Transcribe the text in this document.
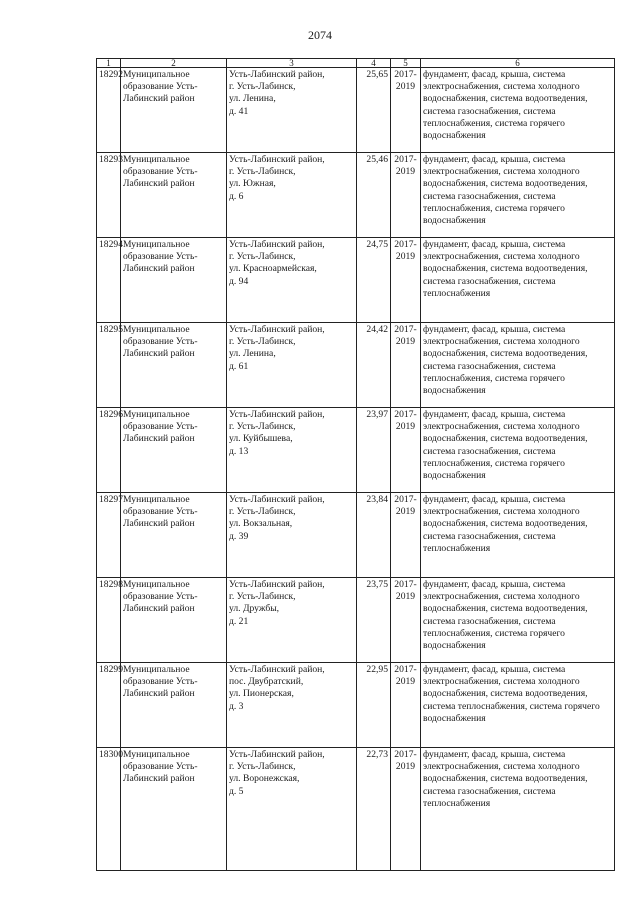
2074
1	2	3	4	5	6
18292	Муниципальное образование Усть-Лабинский район	Усть-Лабинский район,
г. Усть-Лабинск,
ул. Ленина,
д. 41	25,65	2017-2019	фундамент, фасад, крыша, система электроснабжения, система холодного водоснабжения, система водоотведения, система газоснабжения, система теплоснабжения, система горячего водоснабжения
18293	Муниципальное образование Усть-Лабинский район	Усть-Лабинский район,
г. Усть-Лабинск,
ул. Южная,
д. 6	25,46	2017-2019	фундамент, фасад, крыша, система электроснабжения, система холодного водоснабжения, система водоотведения, система газоснабжения, система теплоснабжения, система горячего водоснабжения
18294	Муниципальное образование Усть-Лабинский район	Усть-Лабинский район,
г. Усть-Лабинск,
ул. Красноармейская,
д. 94	24,75	2017-2019	фундамент, фасад, крыша, система электроснабжения, система холодного водоснабжения, система водоотведения, система газоснабжения, система теплоснабжения
18295	Муниципальное образование Усть-Лабинский район	Усть-Лабинский район,
г. Усть-Лабинск,
ул. Ленина,
д. 61	24,42	2017-2019	фундамент, фасад, крыша, система электроснабжения, система холодного водоснабжения, система водоотведения, система газоснабжения, система теплоснабжения, система горячего водоснабжения
18296	Муниципальное образование Усть-Лабинский район	Усть-Лабинский район,
г. Усть-Лабинск,
ул. Куйбышева,
д. 13	23,97	2017-2019	фундамент, фасад, крыша, система электроснабжения, система холодного водоснабжения, система водоотведения, система газоснабжения, система теплоснабжения, система горячего водоснабжения
18297	Муниципальное образование Усть-Лабинский район	Усть-Лабинский район,
г. Усть-Лабинск,
ул. Вокзальная,
д. 39	23,84	2017-2019	фундамент, фасад, крыша, система электроснабжения, система холодного водоснабжения, система водоотведения, система газоснабжения, система теплоснабжения
18298	Муниципальное образование Усть-Лабинский район	Усть-Лабинский район,
г. Усть-Лабинск,
ул. Дружбы,
д. 21	23,75	2017-2019	фундамент, фасад, крыша, система электроснабжения, система холодного водоснабжения, система водоотведения, система газоснабжения, система теплоснабжения, система горячего водоснабжения
18299	Муниципальное образование Усть-Лабинский район	Усть-Лабинский район,
пос. Двубратский,
ул. Пионерская,
д. 3	22,95	2017-2019	фундамент, фасад, крыша, система электроснабжения, система холодного водоснабжения, система водоотведения, система теплоснабжения, система горячего водоснабжения
18300	Муниципальное образование Усть-Лабинский район	Усть-Лабинский район,
г. Усть-Лабинск,
ул. Воронежская,
д. 5	22,73	2017-2019	фундамент, фасад, крыша, система электроснабжения, система холодного водоснабжения, система водоотведения, система газоснабжения, система теплоснабжения
